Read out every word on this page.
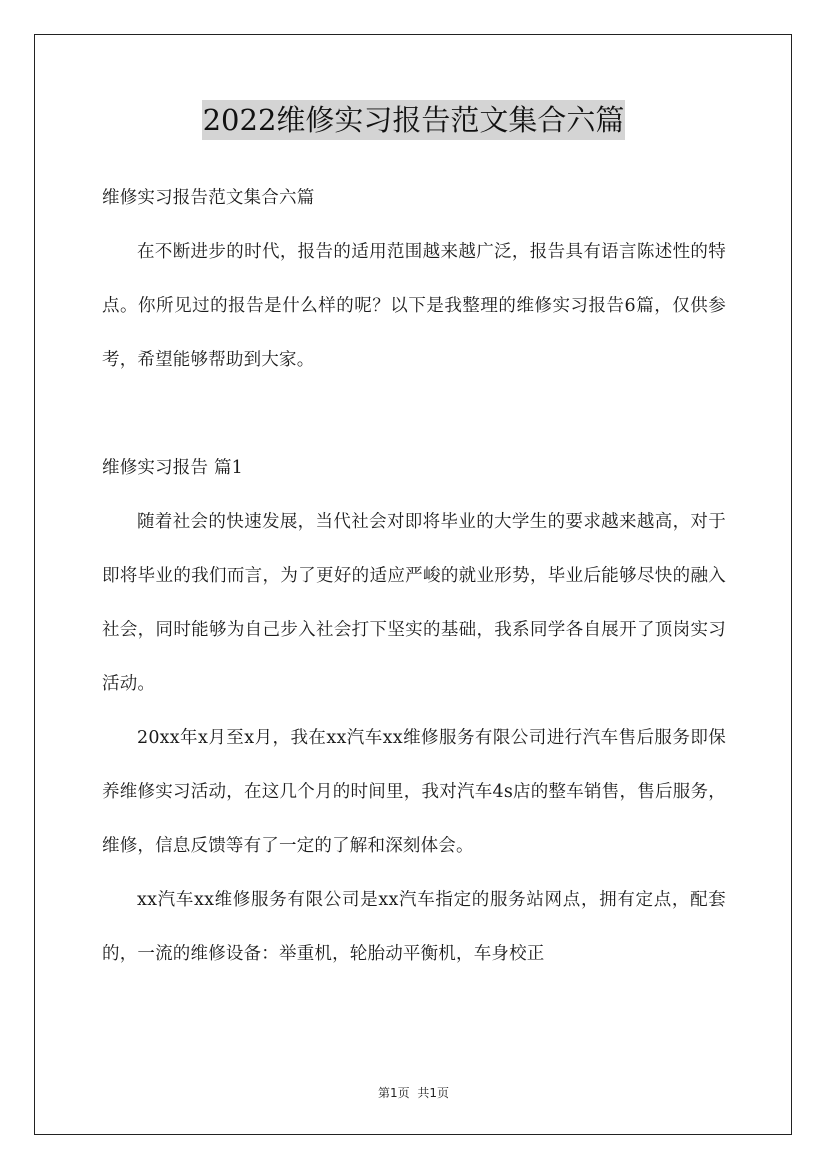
2022维修实习报告范文集合六篇

维修实习报告范文集合六篇

在不断进步的时代，报告的适用范围越来越广泛，报告具有语言陈述性的特点。你所见过的报告是什么样的呢？以下是我整理的维修实习报告6篇，仅供参考，希望能够帮助到大家。

维修实习报告 篇1

随着社会的快速发展，当代社会对即将毕业的大学生的要求越来越高，对于即将毕业的我们而言，为了更好的适应严峻的就业形势，毕业后能够尽快的融入社会，同时能够为自己步入社会打下坚实的基础，我系同学各自展开了顶岗实习活动。

20xx年x月至x月，我在xx汽车xx维修服务有限公司进行汽车售后服务即保养维修实习活动，在这几个月的时间里，我对汽车4s店的整车销售，售后服务，维修，信息反馈等有了一定的了解和深刻体会。

xx汽车xx维修服务有限公司是xx汽车指定的服务站网点，拥有定点，配套的，一流的维修设备：举重机，轮胎动平衡机，车身校正

第1页 共1页
